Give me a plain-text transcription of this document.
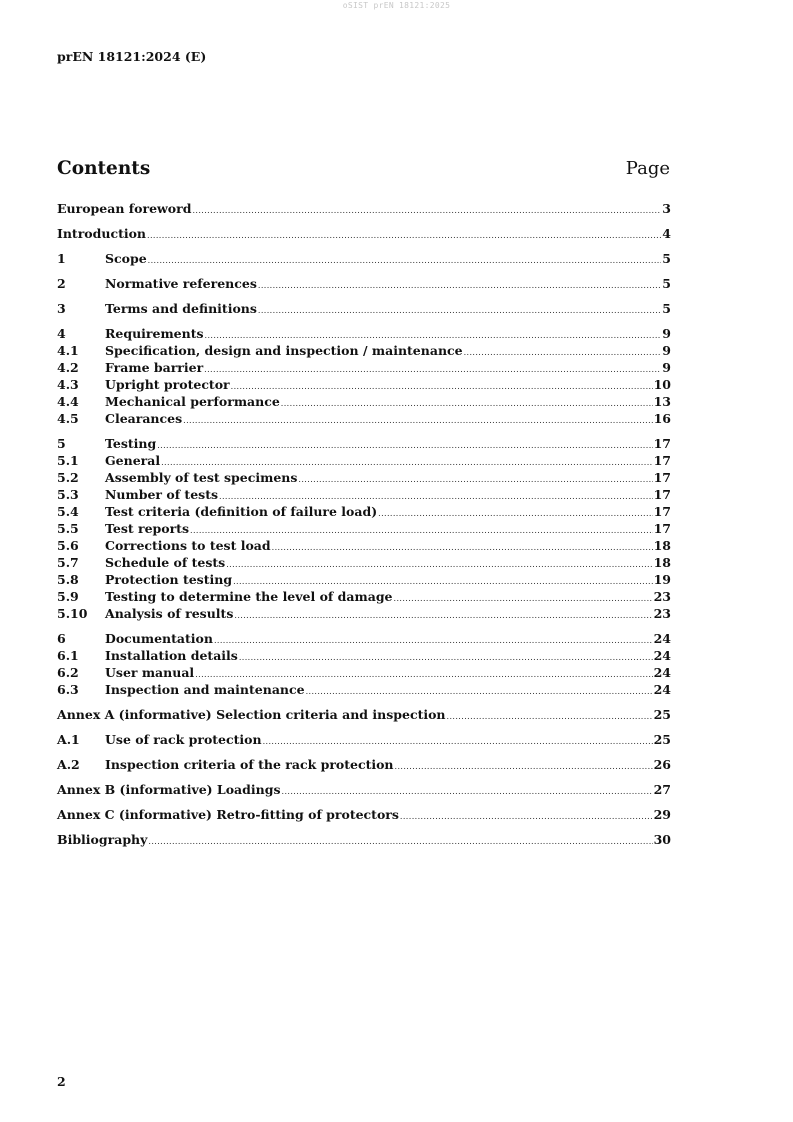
oSIST prEN 18121:2025
prEN 18121:2024 (E)
Contents	Page
European foreword .....	3
Introduction .....	4
1	Scope .....	5
2	Normative references .....	5
3	Terms and definitions .....	5
4	Requirements .....	9
4.1	Specification, design and inspection / maintenance .....	9
4.2	Frame barrier .....	9
4.3	Upright protector .....	10
4.4	Mechanical performance .....	13
4.5	Clearances .....	16
5	Testing .....	17
5.1	General .....	17
5.2	Assembly of test specimens .....	17
5.3	Number of tests .....	17
5.4	Test criteria (definition of failure load) .....	17
5.5	Test reports .....	17
5.6	Corrections to test load .....	18
5.7	Schedule of tests .....	18
5.8	Protection testing .....	19
5.9	Testing to determine the level of damage .....	23
5.10	Analysis of results .....	23
6	Documentation .....	24
6.1	Installation details .....	24
6.2	User manual .....	24
6.3	Inspection and maintenance .....	24
Annex A (informative) Selection criteria and inspection .....	25
A.1	Use of rack protection .....	25
A.2	Inspection criteria of the rack protection .....	26
Annex B (informative) Loadings .....	27
Annex C (informative) Retro-fitting of protectors .....	29
Bibliography .....	30
2
